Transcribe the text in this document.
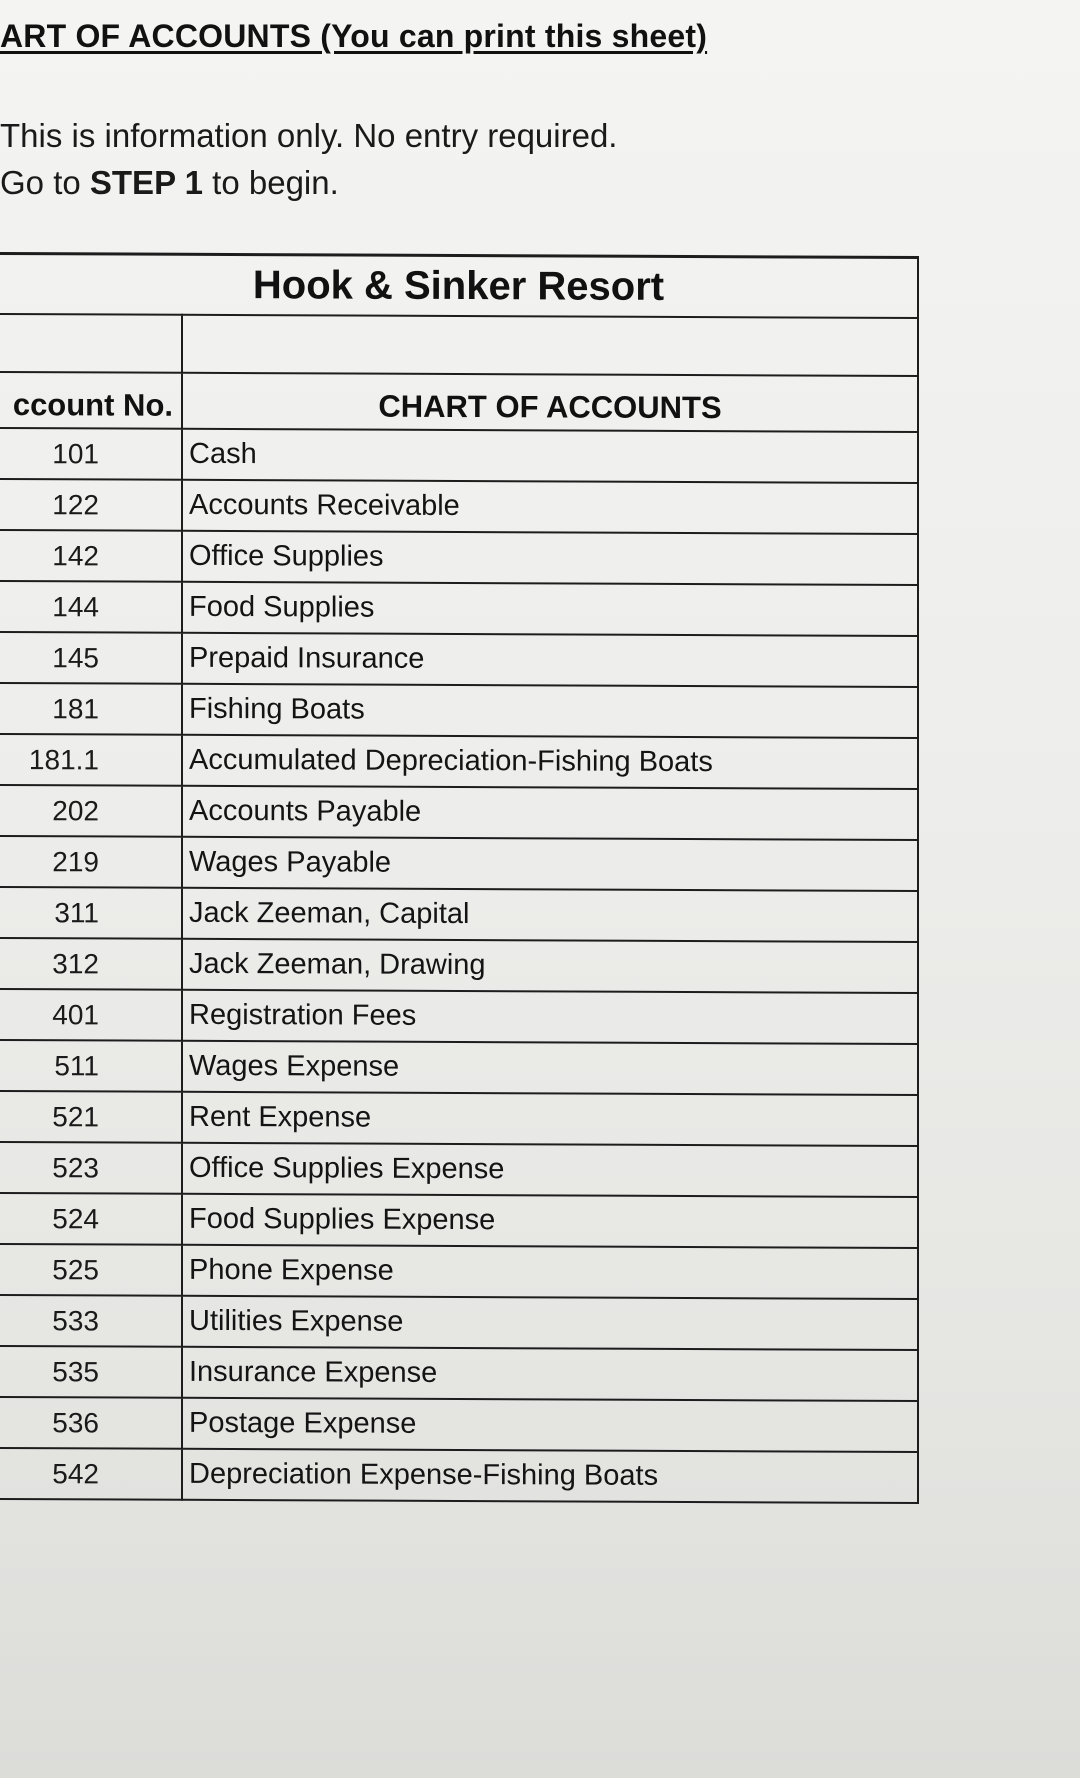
ART OF ACCOUNTS (You can print this sheet)
This is information only. No entry required.
Go to STEP 1 to begin.
Hook & Sinker Resort	

ccount No.	CHART OF ACCOUNTS
101	Cash
122	Accounts Receivable
142	Office Supplies
144	Food Supplies
145	Prepaid Insurance
181	Fishing Boats
181.1	Accumulated Depreciation-Fishing Boats
202	Accounts Payable
219	Wages Payable
311	Jack Zeeman, Capital
312	Jack Zeeman, Drawing
401	Registration Fees
511	Wages Expense
521	Rent Expense
523	Office Supplies Expense
524	Food Supplies Expense
525	Phone Expense
533	Utilities Expense
535	Insurance Expense
536	Postage Expense
542	Depreciation Expense-Fishing Boats
